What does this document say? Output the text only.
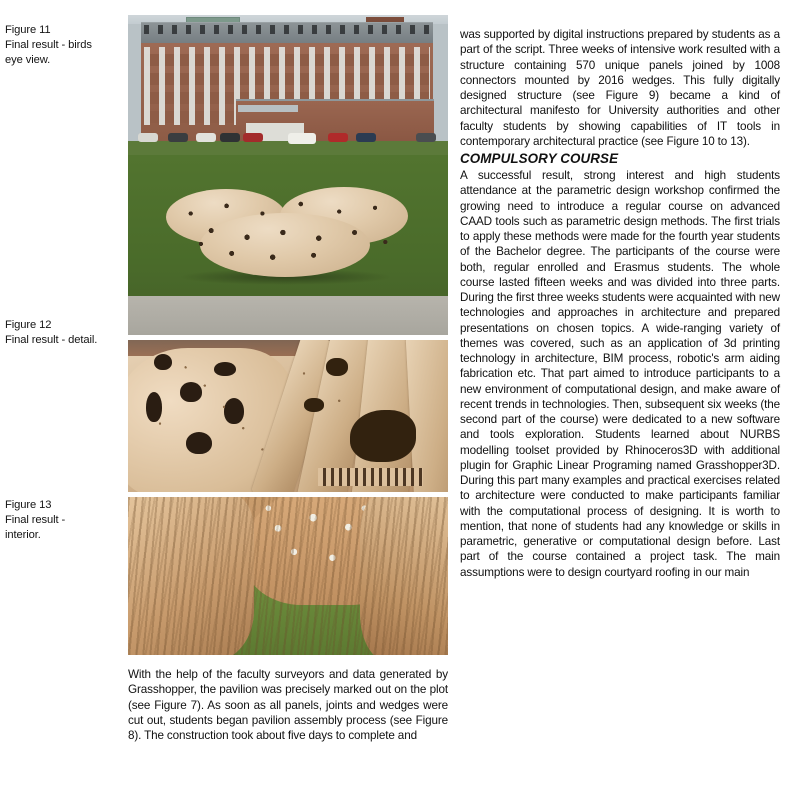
Figure 11
Final result - birds
eye view.
Figure 12
Final result - detail.
Figure 13
Final result -
interior.

With the help of the faculty surveyors and data generated by Grasshopper, the pavilion was precisely marked out on the plot (see Figure 7). As soon as all panels, joints and wedges were cut out, students began pavilion assembly process (see Figure 8). The construction took about five days to complete and

was supported by digital instructions prepared by students as a part of the script. Three weeks of intensive work resulted with a structure containing 570 unique panels joined by 1008 connectors mounted by 2016 wedges. This fully digitally designed structure (see Figure 9) became a kind of architectural manifesto for University authorities and other faculty students by showing capabilities of IT tools in contemporary architectural practice (see Figure 10 to 13).

COMPULSORY COURSE

A successful result, strong interest and high students attendance at the parametric design workshop confirmed the growing need to introduce a regular course on advanced CAAD tools such as parametric design methods. The first trials to apply these methods were made for the fourth year students of the Bachelor degree. The participants of the course were both, regular enrolled and Erasmus students. The whole course lasted fifteen weeks and was divided into three parts. During the first three weeks students were acquainted with new technologies and approaches in architecture and prepared presentations on chosen topics. A wide-ranging variety of themes was covered, such as an application of 3d printing technology in architecture, BIM process, robotic's arm aiding fabrication etc. That part aimed to introduce participants to a new environment of computational design, and make aware of recent trends in technologies. Then, subsequent six weeks (the second part of the course) were dedicated to a new software and tools exploration. Students learned about NURBS modelling toolset provided by Rhinoceros3D with additional plugin for Graphic Linear Programing named Grasshopper3D. During this part many examples and practical exercises related to architecture were conducted to make participants familiar with the computational process of designing. It is worth to mention, that none of students had any knowledge or skills in parametric, generative or computational design before. Last part of the course contained a project task. The main assumptions were to design courtyard roofing in our main
